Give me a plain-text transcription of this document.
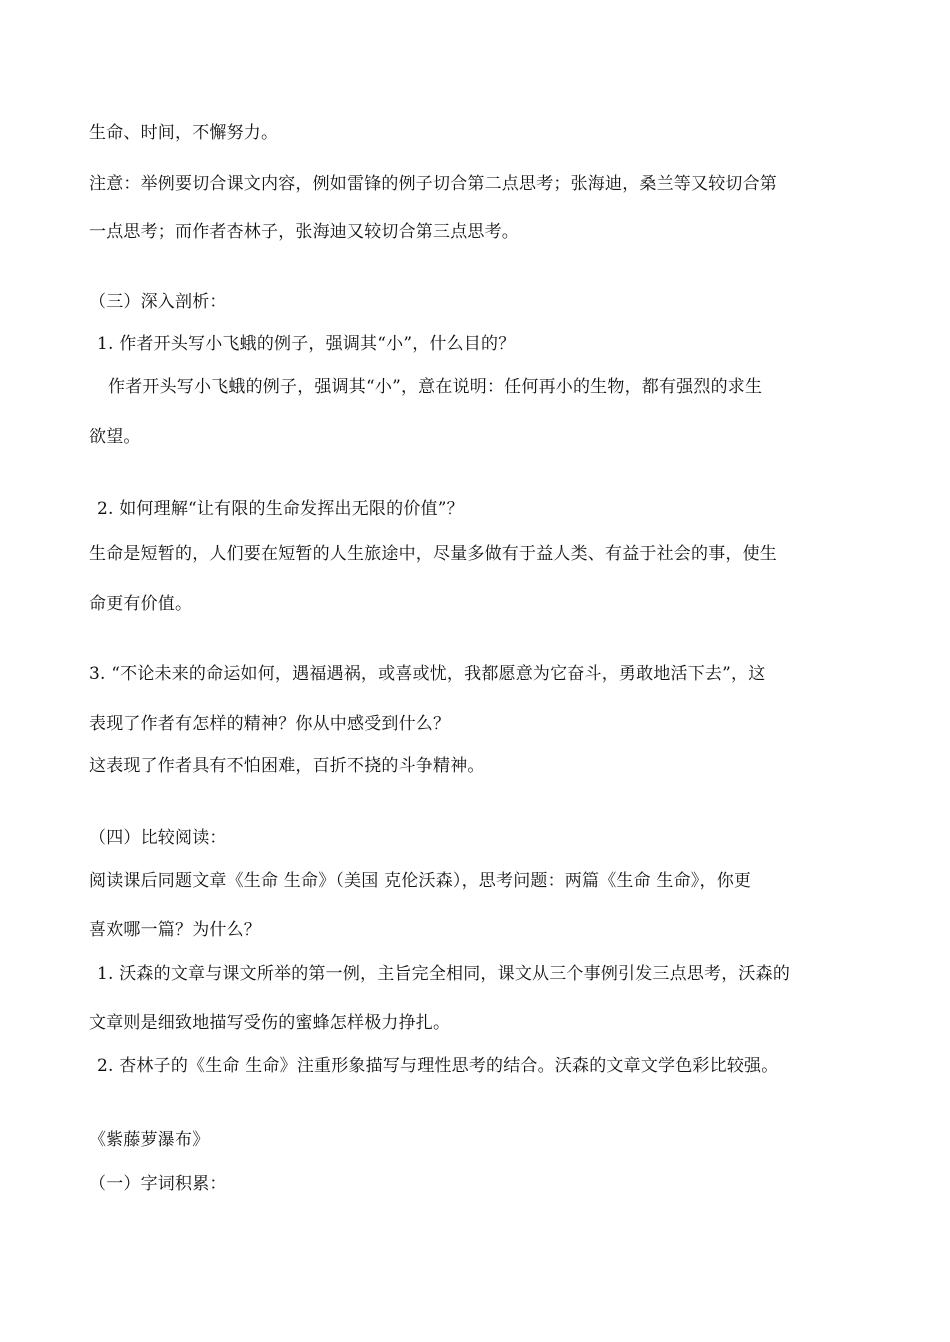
生命、时间，不懈努力。
注意：举例要切合课文内容，例如雷锋的例子切合第二点思考；张海迪，桑兰等又较切合第
一点思考；而作者杏林子，张海迪又较切合第三点思考。
（三）深入剖析：
1. 作者开头写小飞蛾的例子，强调其“小”，什么目的？
作者开头写小飞蛾的例子，强调其“小”，意在说明：任何再小的生物，都有强烈的求生
欲望。
2. 如何理解“让有限的生命发挥出无限的价值”？
生命是短暂的，人们要在短暂的人生旅途中，尽量多做有于益人类、有益于社会的事，使生
命更有价值。
3. “不论未来的命运如何，遇福遇祸，或喜或忧，我都愿意为它奋斗，勇敢地活下去”，这
表现了作者有怎样的精神？你从中感受到什么？
这表现了作者具有不怕困难，百折不挠的斗争精神。
（四）比较阅读：
阅读课后同题文章《生命 生命》（美国 克伦沃森），思考问题：两篇《生命 生命》，你更
喜欢哪一篇？为什么？
1. 沃森的文章与课文所举的第一例，主旨完全相同，课文从三个事例引发三点思考，沃森的
文章则是细致地描写受伤的蜜蜂怎样极力挣扎。
2. 杏林子的《生命 生命》注重形象描写与理性思考的结合。沃森的文章文学色彩比较强。
《紫藤萝瀑布》
（一）字词积累：
